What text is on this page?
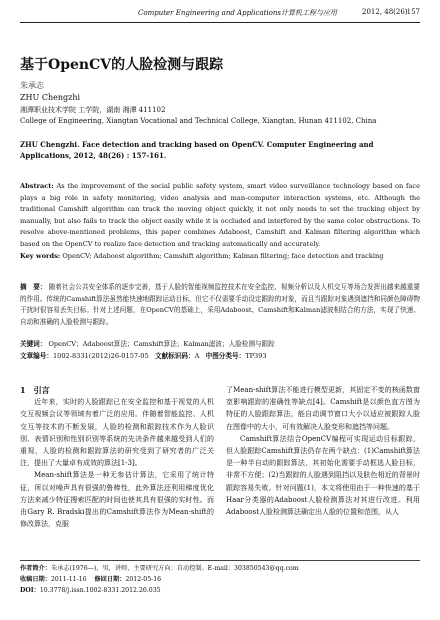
Computer Engineering and Applications计算机工程与应用	2012, 48(26) 157
基于OpenCV的人脸检测与跟踪
朱承志
ZHU Chengzhi
湘潭职业技术学院 工学院，湖南 湘潭 411102
College of Engineering, Xiangtan Vocational and Technical College, Xiangtan, Hunan 411102, China
ZHU Chengzhi. Face detection and tracking based on OpenCV. Computer Engineering and Applications, 2012, 48(26) : 157-161.
Abstract: As the improvement of the social public safety system, smart video surveillance technology based on face plays a big role in safety monitoring, video analysis and man-computer interaction systems, etc. Although the traditional Camshift algorithm can track the moving object quickly, it not only needs to set the tracking object by manually, but also fails to track the object easily while it is occluded and interfered by the same color obstructions. To resolve above-mentioned problems, this paper combines Adaboost, Camshift and Kalman filtering algorithm which based on the OpenCV to realize face detection and tracking automatically and accurately.
Key words: OpenCV; Adaboost algorithm; Camshift algorithm; Kalman filtering; face detection and tracking
摘　要： 随着社会公共安全体系的逐步完善，基于人脸的智能视频监控技术在安全监控、视频分析以及人机交互等场合发挥出越来越重要的作用。传统的Camshift算法虽然能快速地跟踪运动目标，但它不仅需要手动设定跟踪的对象，而且当跟踪对象遇到遮挡和同颜色障碍物干扰时很容易丢失目标。针对上述问题，在OpenCV的基础上，采用Adaboost、Camshift和Kalman滤波相结合的方法，实现了快速、自动和准确的人脸检测与跟踪。
关键词： OpenCV；Adaboost算法；Camshift算法；Kalman滤波；人脸检测与跟踪
文章编号：1002-8331(2012)26-0157-05 文献标识码：A 中图分类号：TP393

1　引言

近年来，实时的人脸跟踪已在安全监控和基于视觉的人机交互视频会议等领域有着广泛的应用。伴随着智能监控、人机交互等技术的不断发展，人脸的检测和跟踪技术作为人脸识别、表情识别和性别识别等系统的先决条件越来越受到人们的重视，人脸的检测和跟踪算法的研究受到了研究者的广泛关注，提出了大量卓有成效的算法[1-3]。

Mean-shift算法是一种无参估计算法，它采用了统计特征，所以对噪声具有很强的鲁棒性，此外算法还利用梯度优化方法来减少特征搜索匹配的时间也使其具有很强的实时性。而由Gary R. Bradski提出的Camshift算法作为Mean-shift的修改算法，克服

了Mean-shift算法不能进行模型更新，其固定不变的核函数窗宽影响跟踪的准确性等缺点[4]。Camshift是以颜色直方图为特征的人脸跟踪算法，能自动调节窗口大小以适应被跟踪人脸在图像中的大小，可有效解决人脸变形和遮挡等问题。

Camshift算法结合OpenCV编程可实现运动目标跟踪，但人脸跟踪Camshift算法仍存在两个缺点：(1)Camshift算法是一种半自动的跟踪算法，其初始化需要手动框选人脸目标，非常不方便；(2)当跟踪的人脸遇到阻挡以及肤色相近的背景时跟踪容易失败。针对问题(1)，本文将使用由于一种快速的基于Haar分类器的Adaboost人脸检测算法对其进行改进。利用Adaboost人脸检测算法确定出人脸的位置和范围，从人

作者简介：朱承志(1976—)，男，讲师，主要研究方向：自动控制。E-mail：303850543@qq.com
收稿日期：2011-11-16 修回日期：2012-05-16
DOI：10.3778/j.issn.1002-8331.2012.26.035
